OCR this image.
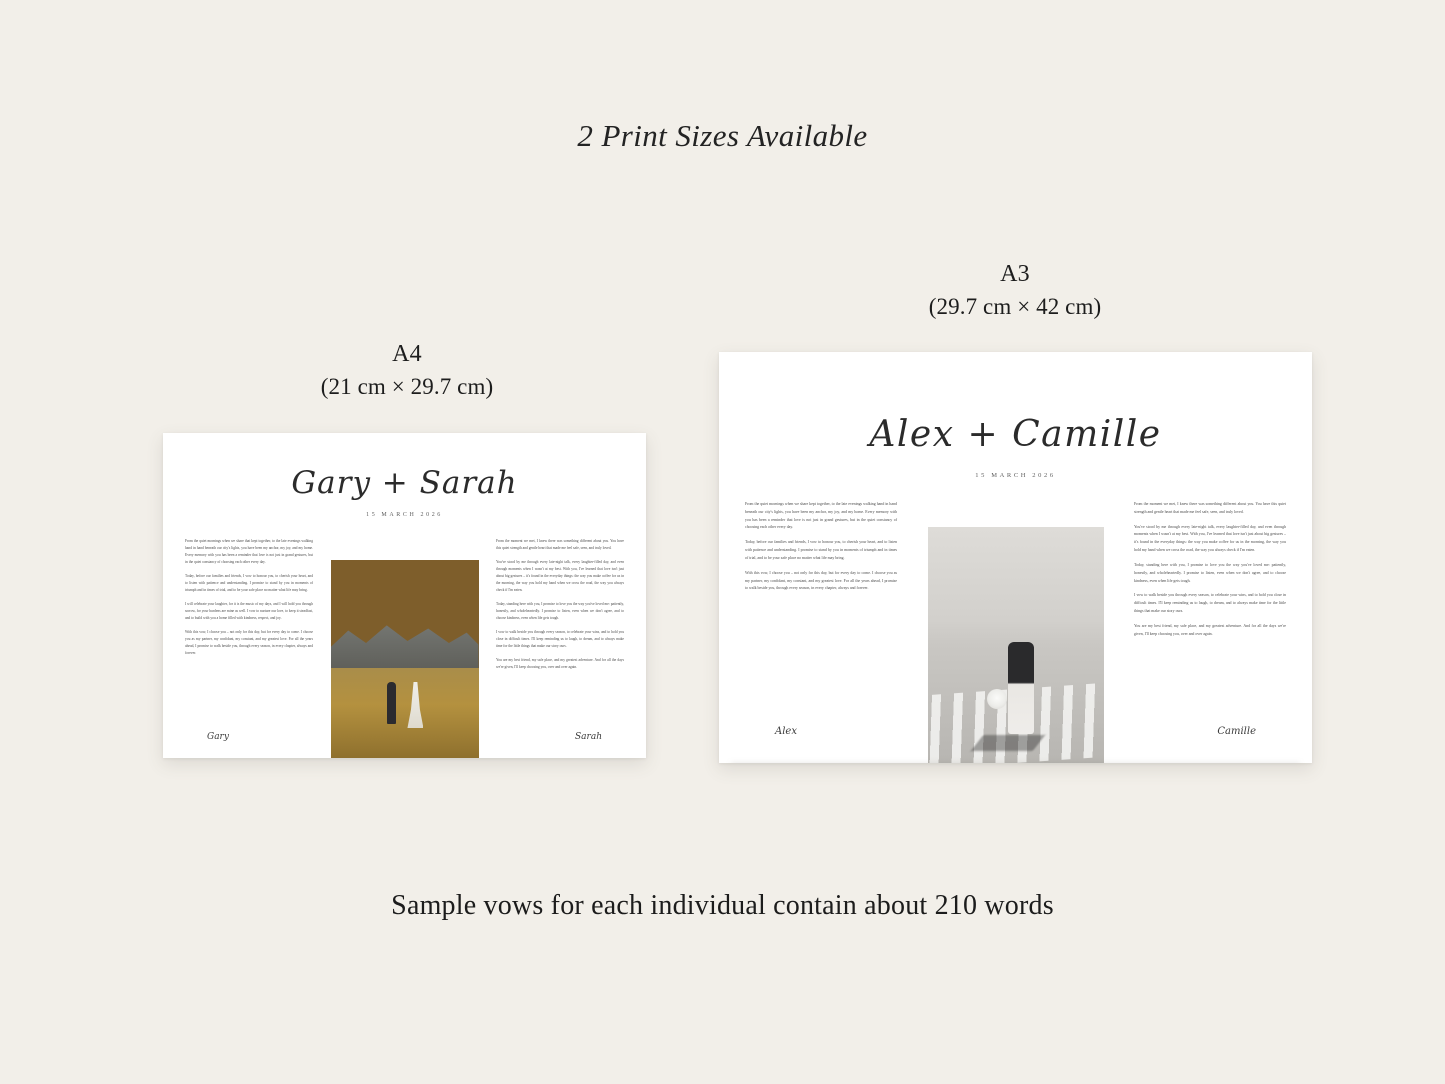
2 Print Sizes Available
A4
(21 cm × 29.7 cm)
A3
(29.7 cm × 42 cm)
Gary + Sarah
15 MARCH 2026

From the quiet mornings when we share that kept together, to the late evenings walking hand in hand beneath our city's lights, you have been my anchor, my joy, and my home. Every memory with you has been a reminder that love is not just in grand gestures, but in the quiet constancy of choosing each other every day.

Today, before our families and friends, I vow to honour you, to cherish your heart, and to listen with patience and understanding. I promise to stand by you in moments of triumph and in times of trial, and to be your safe place no matter what life may bring.

I will celebrate your laughter, for it is the music of my days, and I will hold you through sorrow, for your burdens are mine as well. I vow to nurture our love, to keep it steadfast, and to build with you a home filled with kindness, respect, and joy.

With this vow, I choose you – not only for this day, but for every day to come. I choose you as my partner, my confidant, my constant, and my greatest love. For all the years ahead, I promise to walk beside you, through every season, in every chapter, always and forever.

From the moment we met, I knew there was something different about you. You have this quiet strength and gentle heart that made me feel safe, seen, and truly loved.

You've stood by me through every late-night talk, every laughter-filled day, and even through moments when I wasn't at my best. With you, I've learned that love isn't just about big gestures – it's found in the everyday things: the way you make coffee for us in the morning, the way you hold my hand when we cross the road, the way you always check if I'm eaten.

Today, standing here with you, I promise to love you the way you've loved me: patiently, honestly, and wholeheartedly. I promise to listen, even when we don't agree, and to choose kindness, even when life gets tough.

I vow to walk beside you through every season, to celebrate your wins, and to hold you close in difficult times. I'll keep reminding us to laugh, to dream, and to always make time for the little things that make our story ours.

You are my best friend, my safe place, and my greatest adventure. And for all the days we're given, I'll keep choosing you, over and over again.

Gary	Sarah
Alex + Camille
15 MARCH 2026

From the quiet mornings when we share kept together, to the late evenings walking hand in hand beneath our city's lights, you have been my anchor, my joy, and my home. Every memory with you has been a reminder that love is not just in grand gestures, but in the quiet constancy of choosing each other every day.

Today, before our families and friends, I vow to honour you, to cherish your heart, and to listen with patience and understanding. I promise to stand by you in moments of triumph and in times of trial, and to be your safe place no matter what life may bring.

With this vow, I choose you – not only for this day, but for every day to come. I choose you as my partner, my confidant, my constant, and my greatest love. For all the years ahead, I promise to walk beside you, through every season, in every chapter, always and forever.

From the moment we met, I knew there was something different about you. You have this quiet strength and gentle heart that made me feel safe, seen, and truly loved.

You've stood by me through every late-night talk, every laughter-filled day, and even through moments when I wasn't at my best. With you, I've learned that love isn't just about big gestures – it's found in the everyday things: the way you make coffee for us in the morning, the way you hold my hand when we cross the road, the way you always check if I'm eaten.

Today, standing here with you, I promise to love you the way you've loved me: patiently, honestly, and wholeheartedly. I promise to listen, even when we don't agree, and to choose kindness, even when life gets tough.

I vow to walk beside you through every season, to celebrate your wins, and to hold you close in difficult times. I'll keep reminding us to laugh, to dream, and to always make time for the little things that make our story ours.

You are my best friend, my safe place, and my greatest adventure. And for all the days we're given, I'll keep choosing you, over and over again.

Alex	Camille
Sample vows for each individual contain about 210 words
